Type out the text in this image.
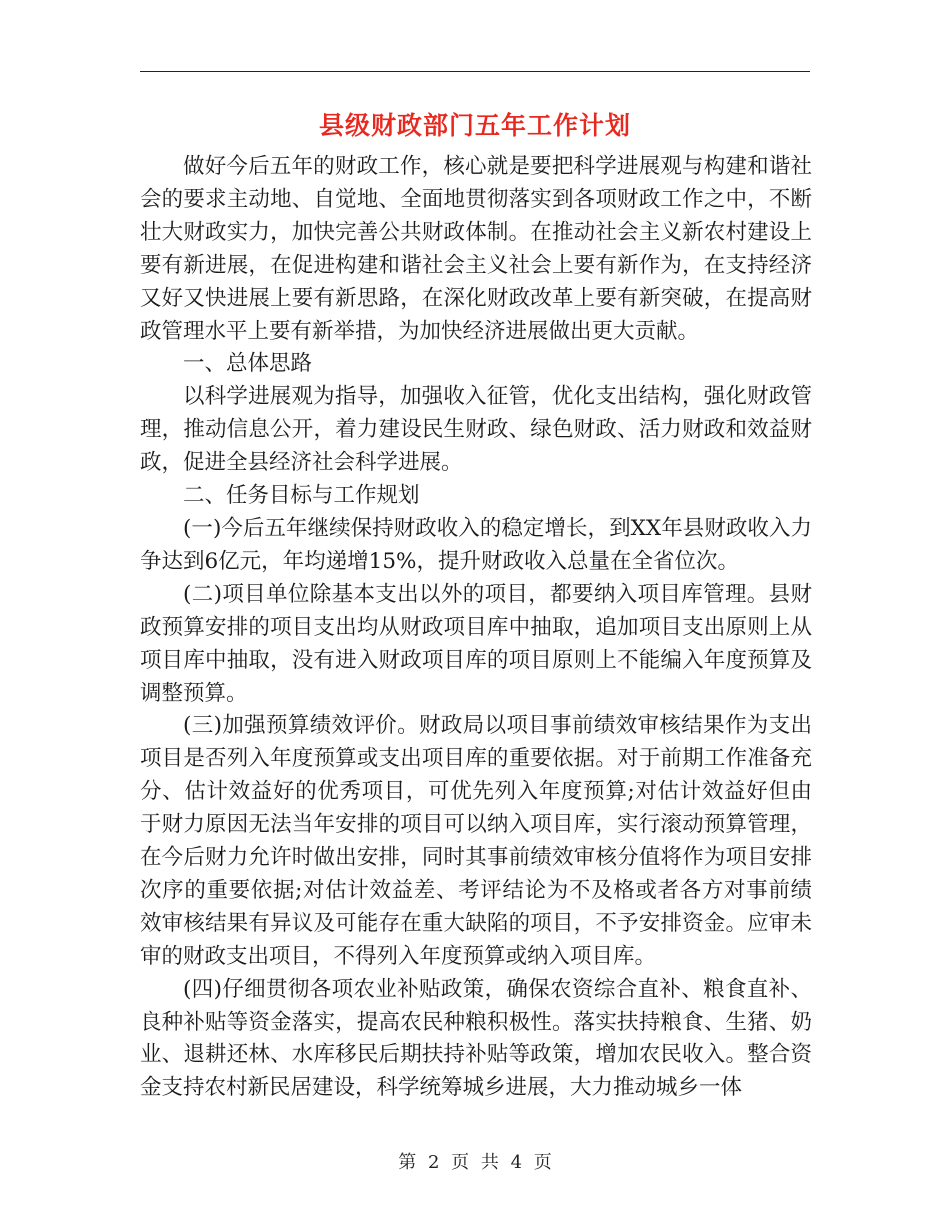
县级财政部门五年工作计划

做好今后五年的财政工作，核心就是要把科学进展观与构建和谐社会的要求主动地、自觉地、全面地贯彻落实到各项财政工作之中，不断壮大财政实力，加快完善公共财政体制。在推动社会主义新农村建设上要有新进展，在促进构建和谐社会主义社会上要有新作为，在支持经济又好又快进展上要有新思路，在深化财政改革上要有新突破，在提高财政管理水平上要有新举措，为加快经济进展做出更大贡献。

一、总体思路

以科学进展观为指导，加强收入征管，优化支出结构，强化财政管理，推动信息公开，着力建设民生财政、绿色财政、活力财政和效益财政，促进全县经济社会科学进展。

二、任务目标与工作规划

(一)今后五年继续保持财政收入的稳定增长，到XX年县财政收入力争达到6亿元，年均递增15%，提升财政收入总量在全省位次。

(二)项目单位除基本支出以外的项目，都要纳入项目库管理。县财政预算安排的项目支出均从财政项目库中抽取，追加项目支出原则上从项目库中抽取，没有进入财政项目库的项目原则上不能编入年度预算及调整预算。

(三)加强预算绩效评价。财政局以项目事前绩效审核结果作为支出项目是否列入年度预算或支出项目库的重要依据。对于前期工作准备充分、估计效益好的优秀项目，可优先列入年度预算;对估计效益好但由于财力原因无法当年安排的项目可以纳入项目库，实行滚动预算管理，在今后财力允许时做出安排，同时其事前绩效审核分值将作为项目安排次序的重要依据;对估计效益差、考评结论为不及格或者各方对事前绩效审核结果有异议及可能存在重大缺陷的项目，不予安排资金。应审未审的财政支出项目，不得列入年度预算或纳入项目库。

(四)仔细贯彻各项农业补贴政策，确保农资综合直补、粮食直补、良种补贴等资金落实，提高农民种粮积极性。落实扶持粮食、生猪、奶业、退耕还林、水库移民后期扶持补贴等政策，增加农民收入。整合资金支持农村新民居建设，科学统筹城乡进展，大力推动城乡一体

第 2 页 共 4 页
